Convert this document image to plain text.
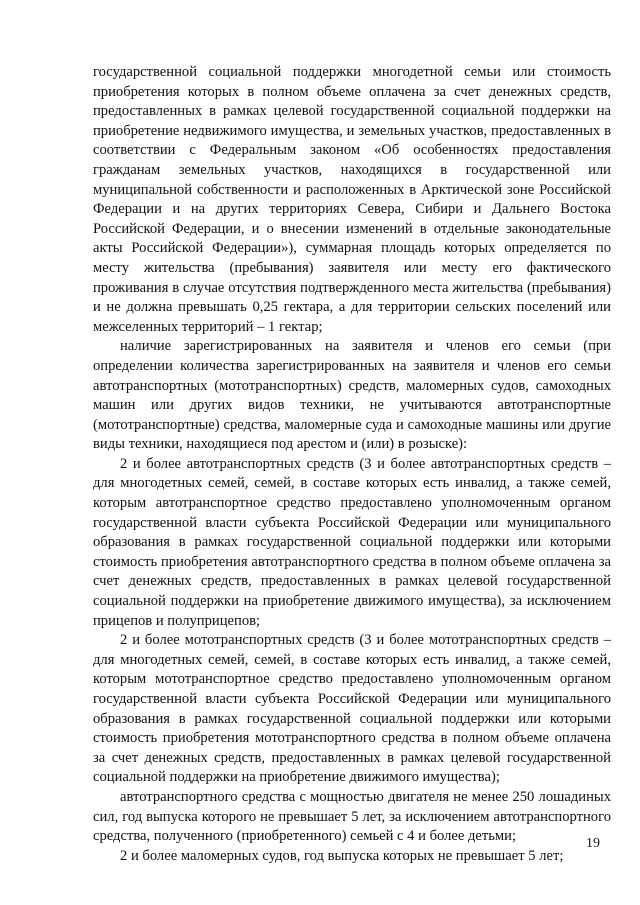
государственной социальной поддержки многодетной семьи или стоимость приобретения которых в полном объеме оплачена за счет денежных средств, предоставленных в рамках целевой государственной социальной поддержки на приобретение недвижимого имущества, и земельных участков, предоставленных в соответствии с Федеральным законом «Об особенностях предоставления гражданам земельных участков, находящихся в государственной или муниципальной собственности и расположенных в Арктической зоне Российской Федерации и на других территориях Севера, Сибири и Дальнего Востока Российской Федерации, и о внесении изменений в отдельные законодательные акты Российской Федерации»), суммарная площадь которых определяется по месту жительства (пребывания) заявителя или месту его фактического проживания в случае отсутствия подтвержденного места жительства (пребывания) и не должна превышать 0,25 гектара, а для территории сельских поселений или межселенных территорий – 1 гектар;

наличие зарегистрированных на заявителя и членов его семьи (при определении количества зарегистрированных на заявителя и членов его семьи автотранспортных (мототранспортных) средств, маломерных судов, самоходных машин или других видов техники, не учитываются автотранспортные (мототранспортные) средства, маломерные суда и самоходные машины или другие виды техники, находящиеся под арестом и (или) в розыске):

2 и более автотранспортных средств (3 и более автотранспортных средств – для многодетных семей, семей, в составе которых есть инвалид, а также семей, которым автотранспортное средство предоставлено уполномоченным органом государственной власти субъекта Российской Федерации или муниципального образования в рамках государственной социальной поддержки или которыми стоимость приобретения автотранспортного средства в полном объеме оплачена за счет денежных средств, предоставленных в рамках целевой государственной социальной поддержки на приобретение движимого имущества), за исключением прицепов и полуприцепов;

2 и более мототранспортных средств (3 и более мототранспортных средств – для многодетных семей, семей, в составе которых есть инвалид, а также семей, которым мототранспортное средство предоставлено уполномоченным органом государственной власти субъекта Российской Федерации или муниципального образования в рамках государственной социальной поддержки или которыми стоимость приобретения мототранспортного средства в полном объеме оплачена за счет денежных средств, предоставленных в рамках целевой государственной социальной поддержки на приобретение движимого имущества);

автотранспортного средства с мощностью двигателя не менее 250 лошадиных сил, год выпуска которого не превышает 5 лет, за исключением автотранспортного средства, полученного (приобретенного) семьей с 4 и более детьми;

2 и более маломерных судов, год выпуска которых не превышает 5 лет;

19
